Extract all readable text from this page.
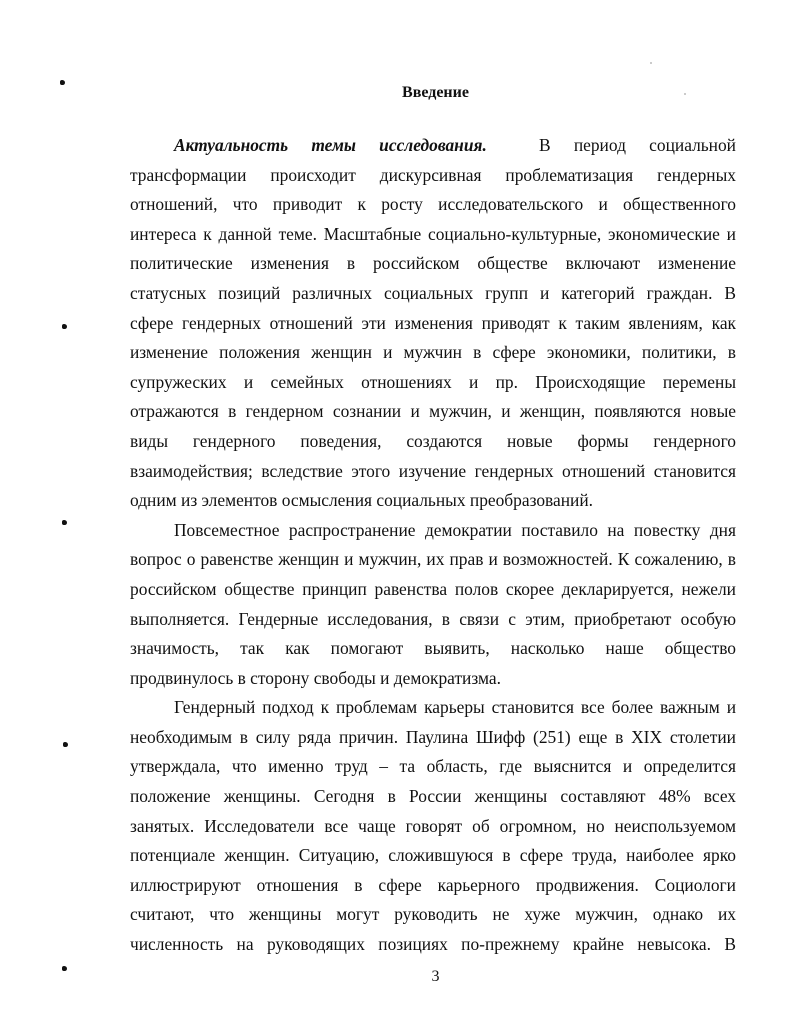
Введение
Актуальность темы исследования.   	В период социальной
трансформации происходит дискурсивная проблематизация гендерных
отношений, что приводит к росту исследовательского и общественного
интереса к данной теме. Масштабные социально-культурные, экономические и
политические изменения в российском обществе включают изменение
статусных позиций различных социальных групп и категорий граждан. В
сфере гендерных отношений эти изменения приводят к таким явлениям, как
изменение положения женщин и мужчин в сфере экономики, политики, в
супружеских и семейных отношениях и пр. Происходящие перемены
отражаются в гендерном сознании и мужчин, и женщин, появляются новые
виды гендерного поведения, создаются новые формы гендерного
взаимодействия; вследствие этого изучение гендерных отношений становится
одним из элементов осмысления социальных преобразований.
Повсеместное распространение демократии поставило на повестку дня
вопрос о равенстве женщин и мужчин, их прав и возможностей. К сожалению, в
российском обществе принцип равенства полов скорее декларируется, нежели
выполняется. Гендерные исследования, в связи с этим, приобретают особую
значимость, так как помогают выявить, насколько наше общество
продвинулось в сторону свободы и демократизма.
Гендерный подход к проблемам карьеры становится все более важным и
необходимым в силу ряда причин. Паулина Шифф (251) еще в XIX столетии
утверждала, что именно труд – та область, где выяснится и определится
положение женщины. Сегодня в России женщины составляют 48% всех
занятых. Исследователи все чаще говорят об огромном, но неиспользуемом
потенциале женщин. Ситуацию, сложившуюся в сфере труда, наиболее ярко
иллюстрируют отношения в сфере карьерного продвижения. Социологи
считают, что женщины могут руководить не хуже мужчин, однако их
численность на руководящих позициях по-прежнему крайне невысока. В
3
